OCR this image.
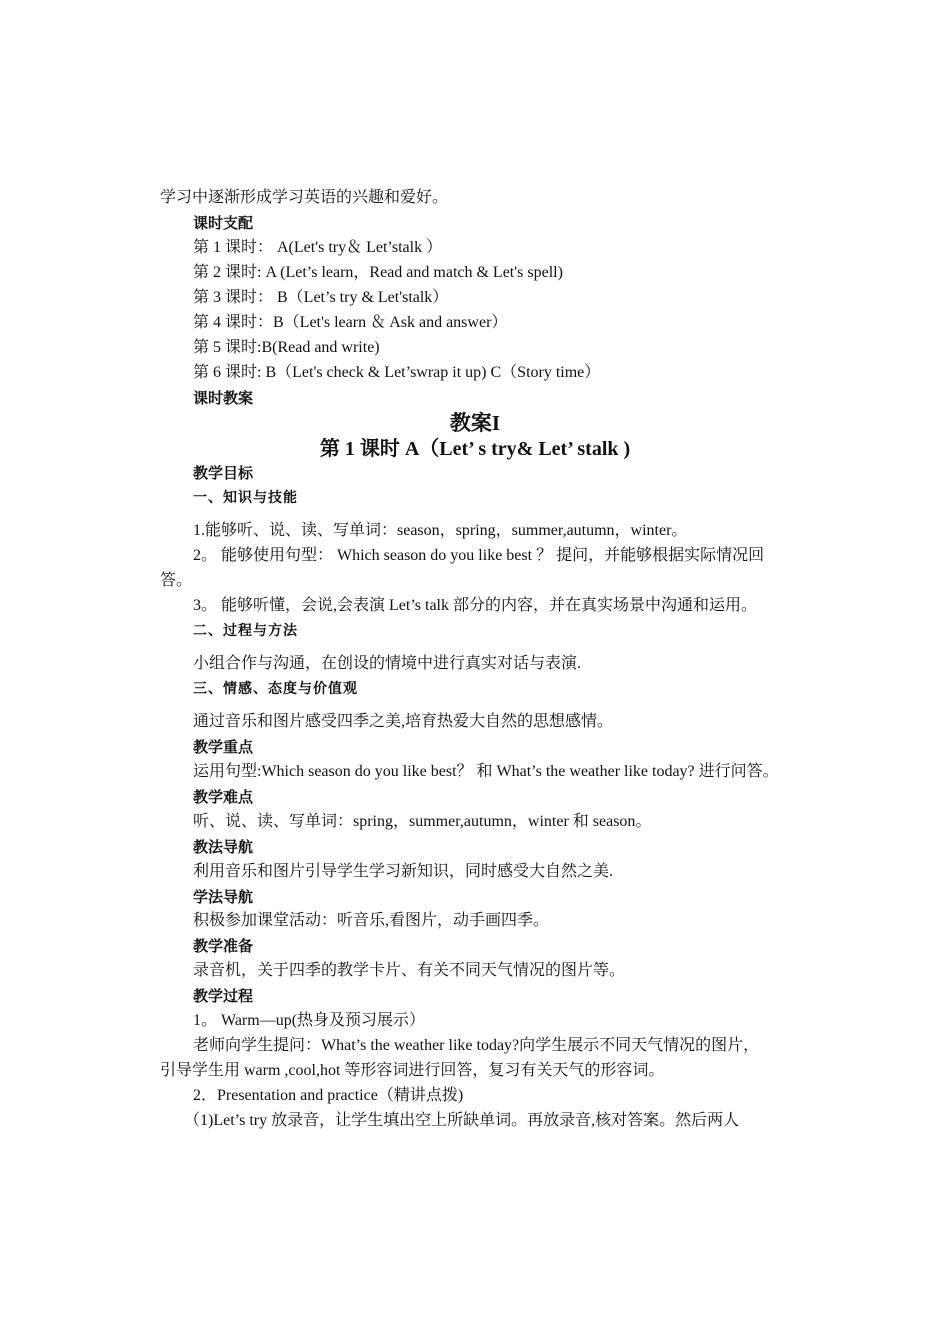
学习中逐渐形成学习英语的兴趣和爱好。
课时支配
第 1 课时： A(Let's try＆ Let’stalk ）
第 2 课时: A (Let’s learn，Read and match & Let's spell)
第 3 课时： B（Let’s try & Let'stalk）
第 4 课时：B（Let's learn ＆ Ask and answer）
第 5 课时:B(Read and write)
第 6 课时: B（Let's check & Let’swrap it up) C（Story time）
课时教案
教案I
第 1 课时 A（Let’ s try& Let’ stalk )
教学目标
一、知识与技能
1.能够听、说、读、写单词：season，spring，summer,autumn，winter。
2。 能够使用句型： Which season do you like best ？ 提问，并能够根据实际情况回
答。
3。 能够听懂，会说,会表演 Let’s talk 部分的内容，并在真实场景中沟通和运用。
二、过程与方法
小组合作与沟通，在创设的情境中进行真实对话与表演.
三、情感、态度与价值观
通过音乐和图片感受四季之美,培育热爱大自然的思想感情。
教学重点
运用句型:Which season do you like best？ 和 What’s the weather like today? 进行问答。
教学难点
听、说、读、写单词：spring，summer,autumn，winter 和 season。
教法导航
利用音乐和图片引导学生学习新知识，同时感受大自然之美.
学法导航
积极参加课堂活动：听音乐,看图片，动手画四季。
教学准备
录音机，关于四季的教学卡片、有关不同天气情况的图片等。
教学过程
1。 Warm—up(热身及预习展示）
老师向学生提问：What’s the weather like today?向学生展示不同天气情况的图片，
引导学生用 warm ,cool,hot 等形容词进行回答，复习有关天气的形容词。
2．Presentation and practice（精讲点拨)
（1)Let’s try 放录音，让学生填出空上所缺单词。再放录音,核对答案。然后两人
